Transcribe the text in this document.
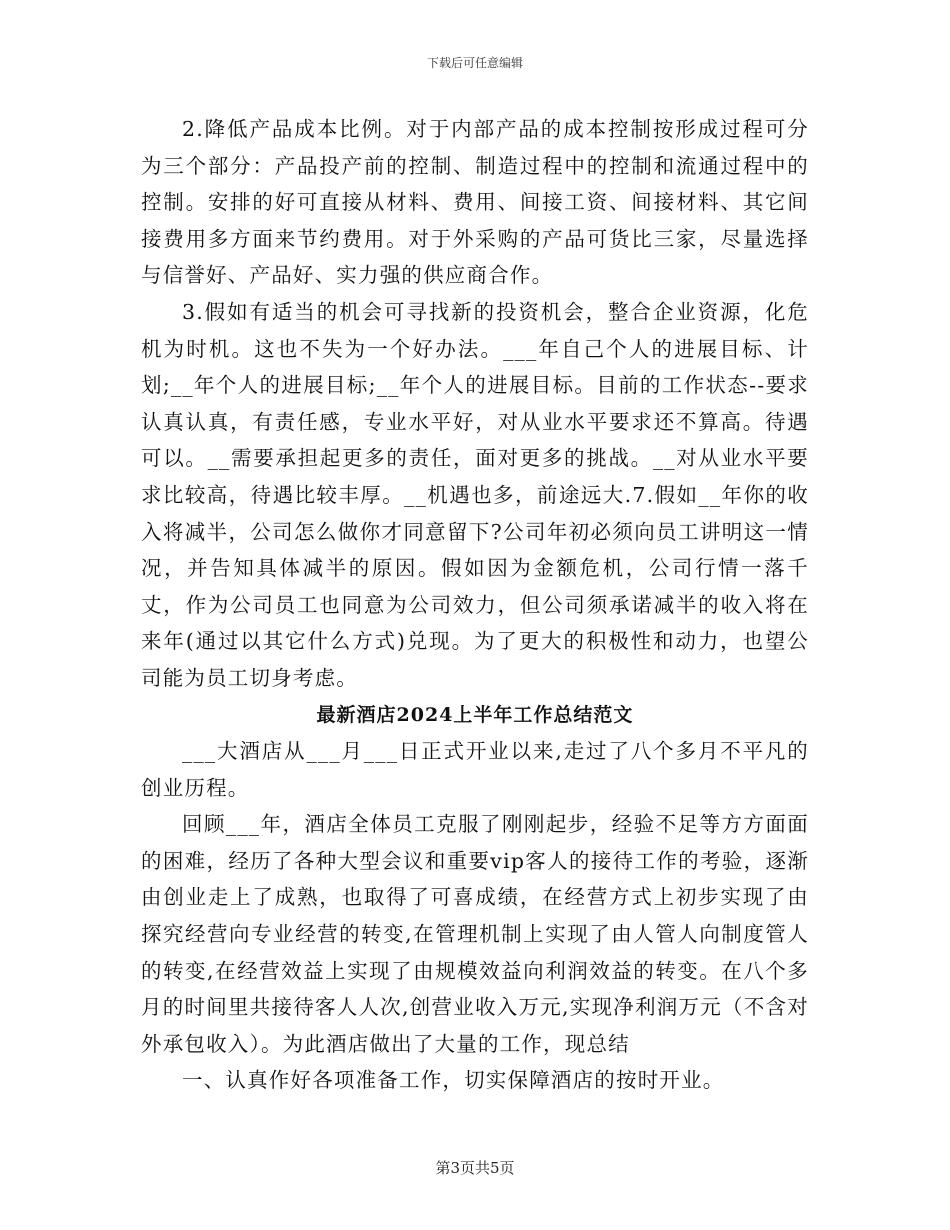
下载后可任意编辑

2.降低产品成本比例。对于内部产品的成本控制按形成过程可分为三个部分：产品投产前的控制、制造过程中的控制和流通过程中的控制。安排的好可直接从材料、费用、间接工资、间接材料、其它间接费用多方面来节约费用。对于外采购的产品可货比三家，尽量选择与信誉好、产品好、实力强的供应商合作。

3.假如有适当的机会可寻找新的投资机会，整合企业资源，化危机为时机。这也不失为一个好办法。___年自己个人的进展目标、计划;__年个人的进展目标;__年个人的进展目标。目前的工作状态--要求认真认真，有责任感，专业水平好，对从业水平要求还不算高。待遇可以。__需要承担起更多的责任，面对更多的挑战。__对从业水平要求比较高，待遇比较丰厚。__机遇也多，前途远大.7.假如__年你的收入将减半，公司怎么做你才同意留下?公司年初必须向员工讲明这一情况，并告知具体减半的原因。假如因为金额危机，公司行情一落千丈，作为公司员工也同意为公司效力，但公司须承诺减半的收入将在来年(通过以其它什么方式)兑现。为了更大的积极性和动力，也望公司能为员工切身考虑。

最新酒店2024上半年工作总结范文

___大酒店从___月___日正式开业以来,走过了八个多月不平凡的创业历程。

回顾___年，酒店全体员工克服了刚刚起步，经验不足等方方面面的困难，经历了各种大型会议和重要vip客人的接待工作的考验，逐渐由创业走上了成熟，也取得了可喜成绩，在经营方式上初步实现了由探究经营向专业经营的转变,在管理机制上实现了由人管人向制度管人的转变,在经营效益上实现了由规模效益向利润效益的转变。在八个多月的时间里共接待客人人次,创营业收入万元,实现净利润万元（不含对外承包收入）。为此酒店做出了大量的工作，现总结

一、认真作好各项准备工作，切实保障酒店的按时开业。

第3页共5页
